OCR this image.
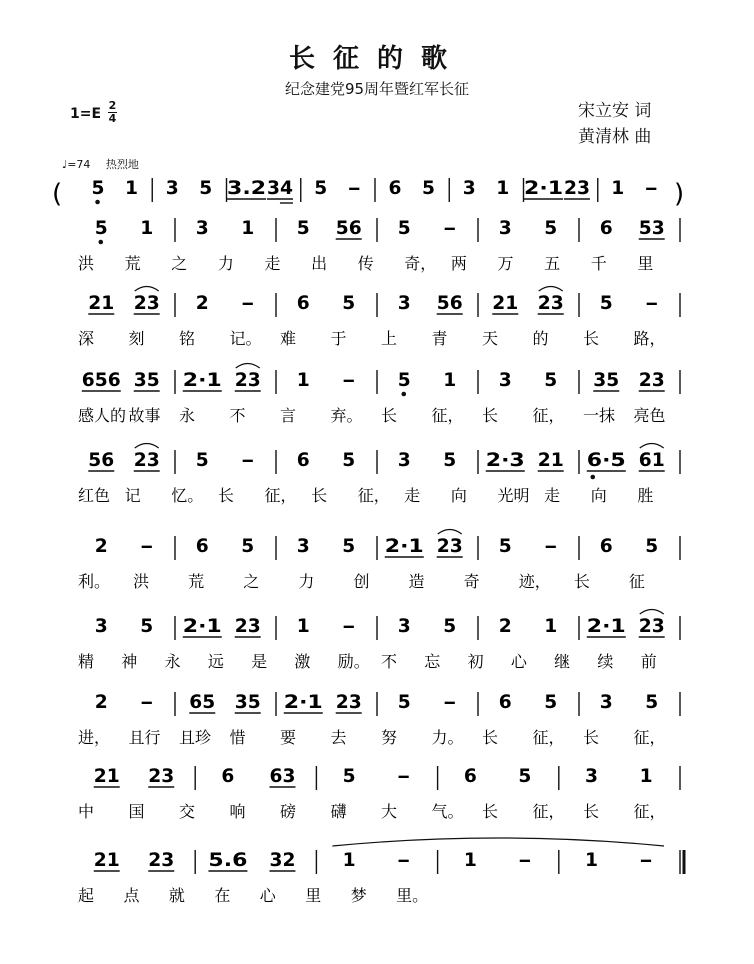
长征的歌
纪念建党95周年暨红军长征
1=E
2
4	宋立安 词
黄清林 曲
♩=74 热烈地
(	)
5 1 3 5 3.2 34 5 – 6 5 3 1 2·1 23 1 –
5 1 3 1 5 56 5 – 3 5 6 53
洪 荒 之 力 走 出 传 奇， 两 万 五 千 里
21 23 2 – 6 5 3 56 21 23 5 –
深 刻 铭 记。 难 于 上 青 天 的 长 路，
656 35 2·1 23 1 – 5 1 3 5 35 23
感人的 故事 永 不 言 弃。 长 征， 长 征， 一抹 亮色
56 23 5 – 6 5 3 5 2·3 21 6·5 61
红色 记 忆。 长 征， 长 征， 走 向 光明 走 向 胜
2 – 6 5 3 5 2·1 23 5 – 6 5
利。 洪 荒 之 力 创 造 奇 迹， 长 征
3 5 2·1 23 1 – 3 5 2 1 2·1 23
精 神 永 远 是 激 励。 不 忘 初 心 继 续 前
2 – 65 35 2·1 23 5 – 6 5 3 5
进， 且行 且珍 惜 要 去 努 力。 长 征， 长 征，
21 23 6 63 5 –	6 5	3 1
中 国 交 响 磅 礴 大 气。 长 征， 长 征，
21 23 5.6 32 1 –	1 –	1 –
起 点 就 在 心 里 梦 里。
